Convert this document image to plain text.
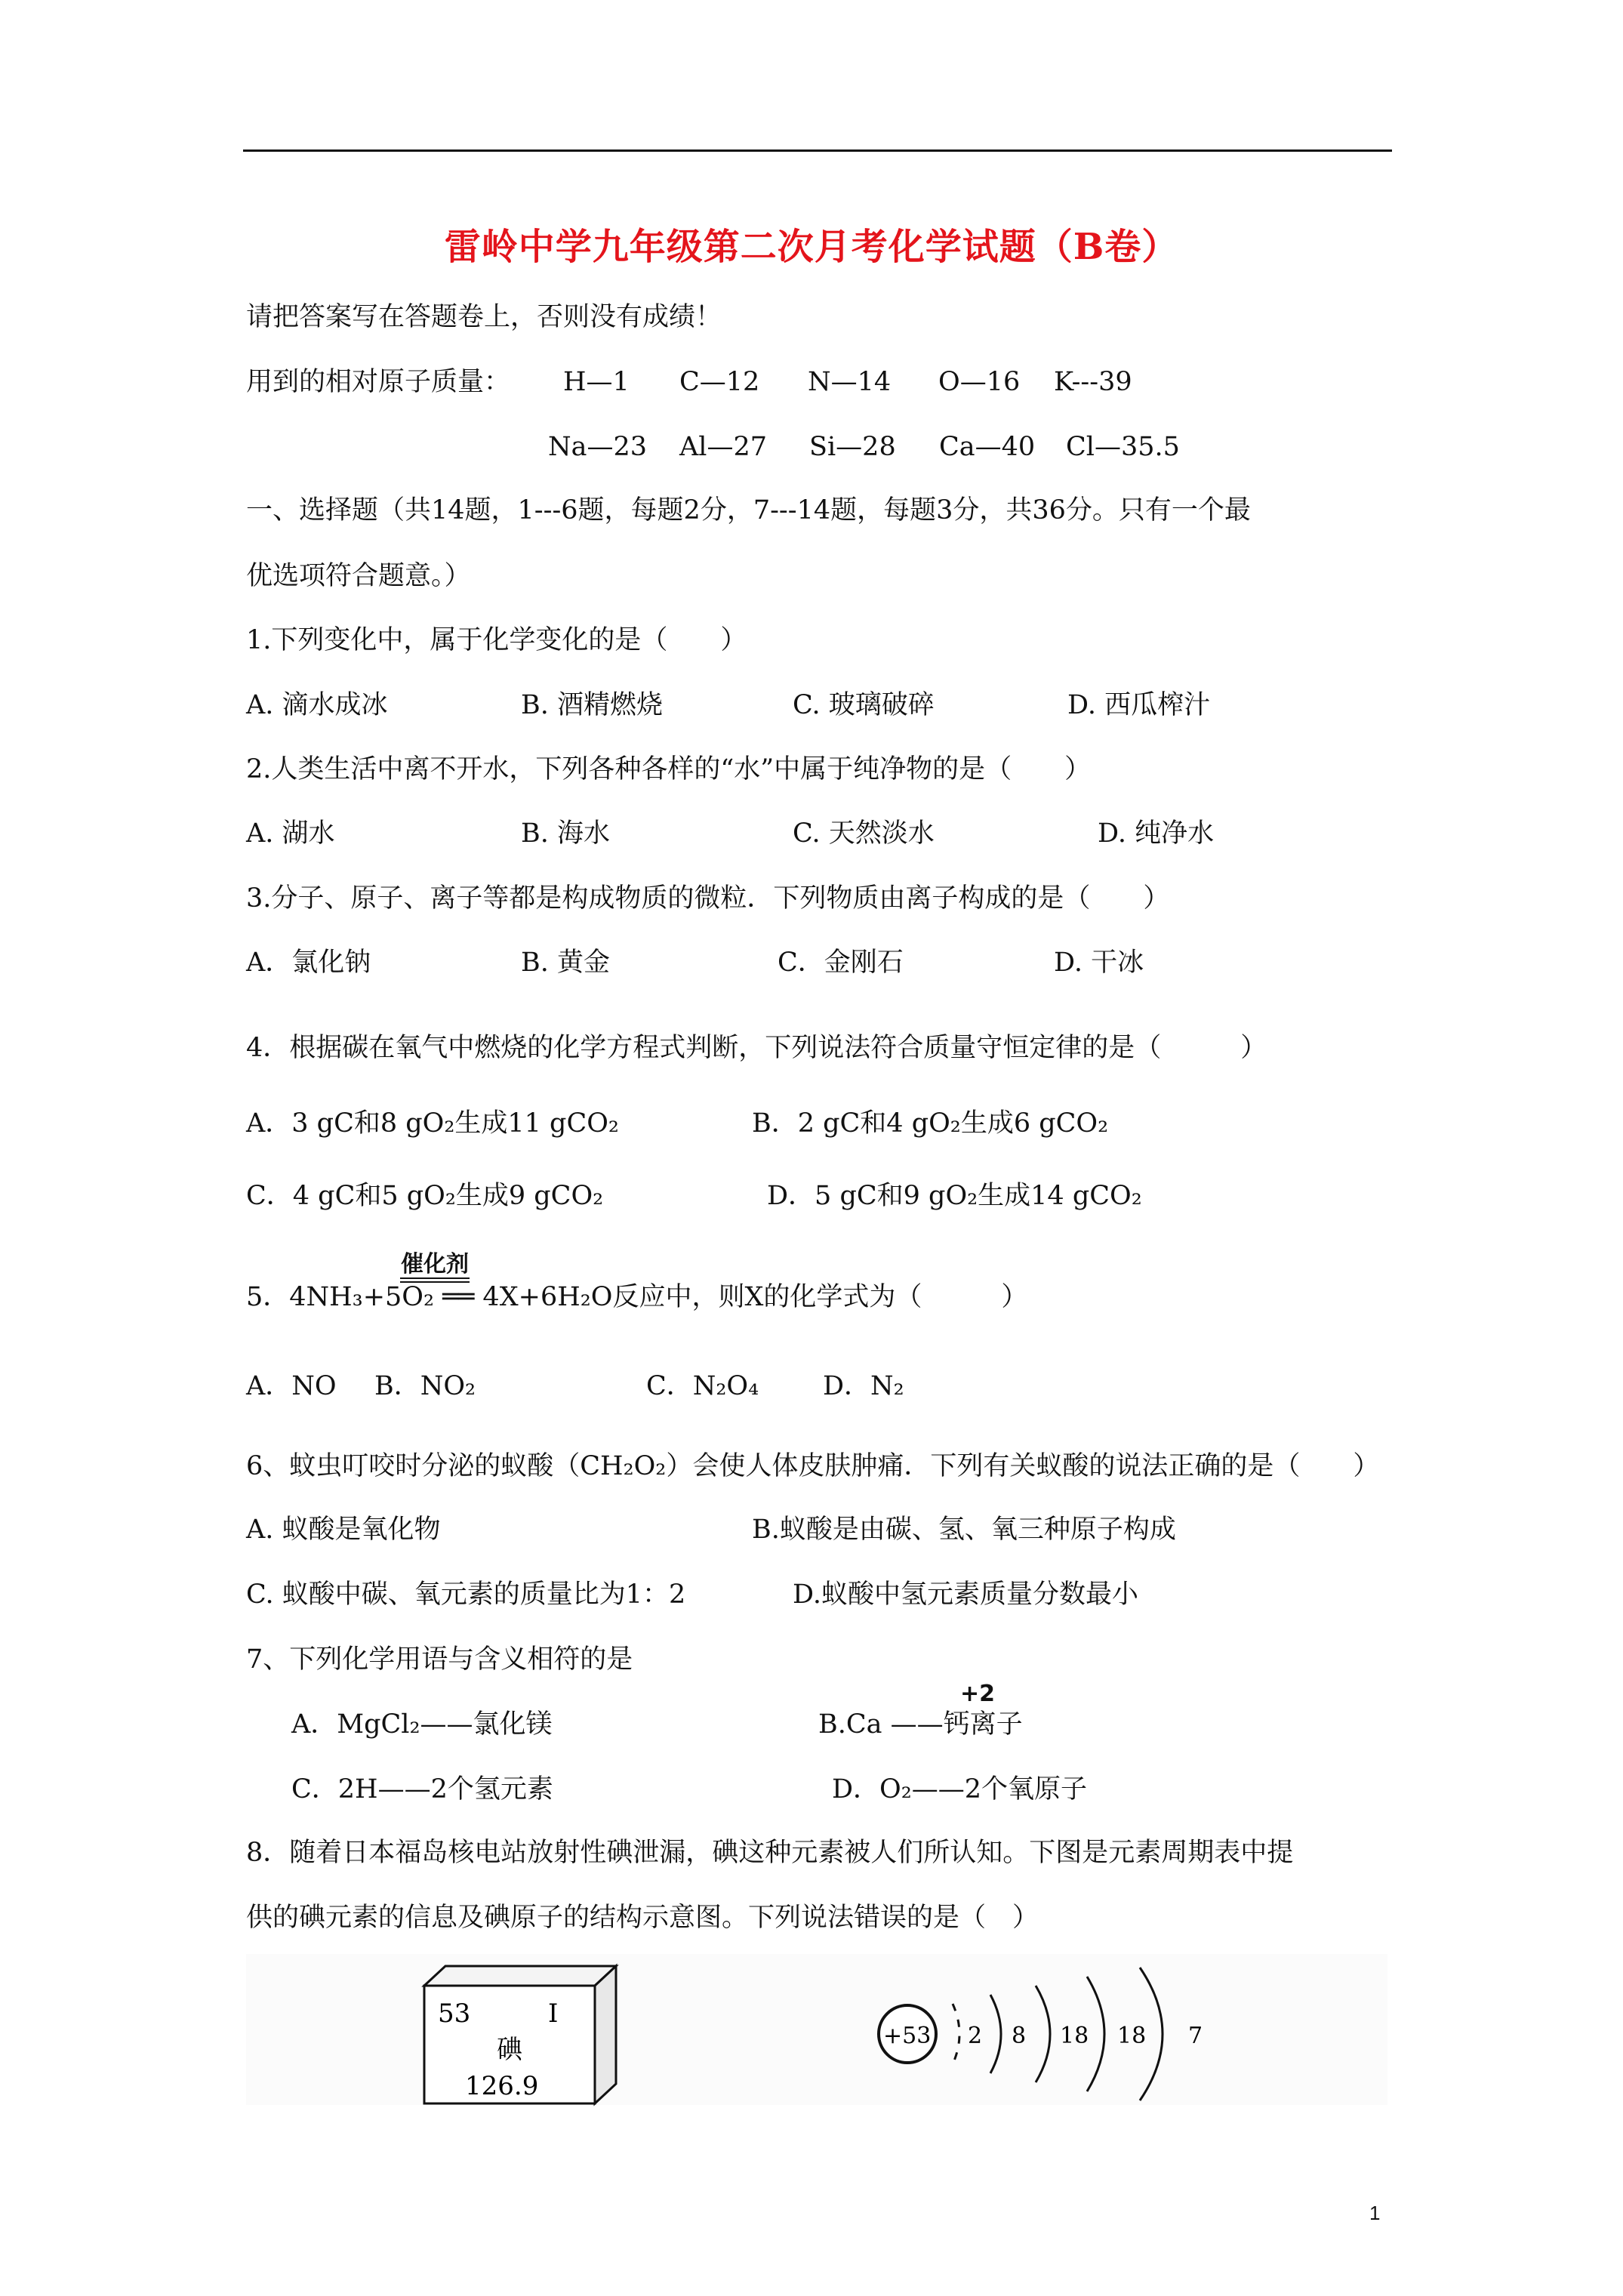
雷岭中学九年级第二次月考化学试题（B卷）
请把答案写在答题卷上，否则没有成绩！
用到的相对原子质量： H—1 C—12 N—14 O—16 K---39
Na—23 Al—27 Si—28 Ca—40 Cl—35.5
一、选择题（共14题，1---6题，每题2分，7---14题，每题3分，共36分。只有一个最
优选项符合题意。）
1.下列变化中，属于化学变化的是（　　）
A. 滴水成冰	B. 酒精燃烧	C. 玻璃破碎	D. 西瓜榨汁
2.人类生活中离不开水，下列各种各样的“水”中属于纯净物的是（　　）
A. 湖水	B. 海水	C. 天然淡水	D. 纯净水
3.分子、原子、离子等都是构成物质的微粒．下列物质由离子构成的是（　　）
A．氯化钠	B. 黄金	C．金刚石	D. 干冰
4．根据碳在氧气中燃烧的化学方程式判断，下列说法符合质量守恒定律的是（　　　）
A．3 gC和8 gO₂生成11 gCO₂	B．2 gC和4 gO₂生成6 gCO₂
C．4 gC和5 gO₂生成9 gCO₂	D．5 gC和9 gO₂生成14 gCO₂
催化剂
5．4NH₃+5O₂ ══ 4X+6H₂O反应中，则X的化学式为（　　　）
A．NO B．NO₂	C．N₂O₄ D．N₂
6、蚊虫叮咬时分泌的蚁酸（CH₂O₂）会使人体皮肤肿痛．下列有关蚁酸的说法正确的是（　　）
A. 蚁酸是氧化物	B.蚁酸是由碳、氢、氧三种原子构成
C. 蚁酸中碳、氧元素的质量比为1：2	D.蚁酸中氢元素质量分数最小
7、下列化学用语与含义相符的是
+2
A．MgCl₂——氯化镁	B.Ca ——钙离子
C．2H——2个氢元素	D．O₂——2个氧原子
8．随着日本福岛核电站放射性碘泄漏，碘这种元素被人们所认知。下图是元素周期表中提
供的碘元素的信息及碘原子的结构示意图。下列说法错误的是（　）
53	I
碘
126.9
+53 2 8 18 18 7
1
